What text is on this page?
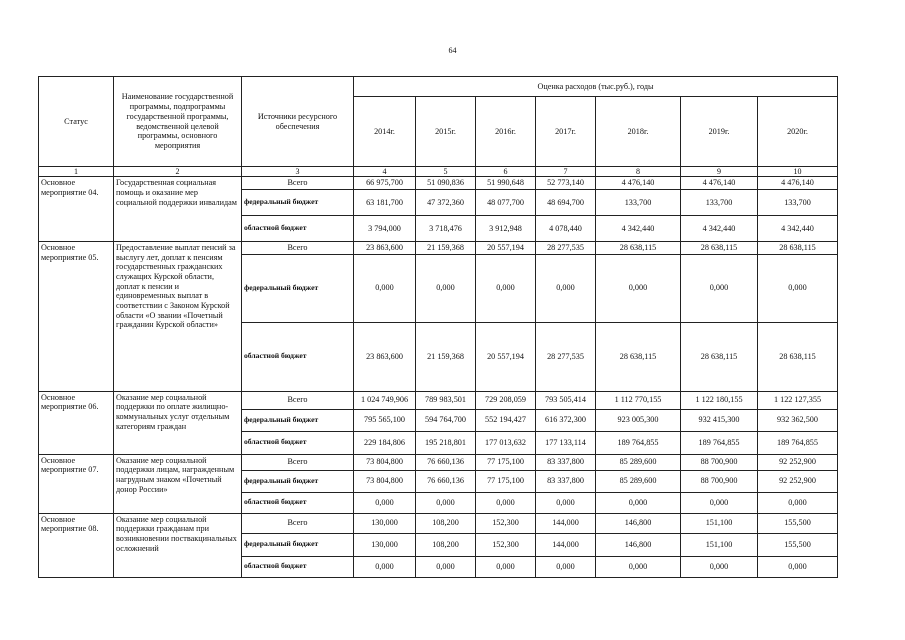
64
Статус	Наименование государственной программы, подпрограммы государственной программы, ведомственной целевой программы, основного мероприятия	Источники ресурсного обеспечения	Оценка расходов (тыс.руб.), годы						
			2014г.	2015г.	2016г.	2017г.	2018г.	2019г.	2020г.
1	2	3	4	5	6	7	8	9	10
Основное мероприятие 04.	Государственная социальная помощь и оказание мер социальной поддержки инвалидам	Всего	66 975,700	51 090,836	51 990,648	52 773,140	4 476,140	4 476,140	4 476,140
		федеральный бюджет	63 181,700	47 372,360	48 077,700	48 694,700	133,700	133,700	133,700
		областной бюджет	3 794,000	3 718,476	3 912,948	4 078,440	4 342,440	4 342,440	4 342,440
Основное мероприятие 05.	Предоставление выплат пенсий за выслугу лет, доплат к пенсиям государственных гражданских служащих Курской области, доплат к пенсии и единовременных выплат в соответствии с Законом Курской области «О звании «Почетный гражданин Курской области»	Всего	23 863,600	21 159,368	20 557,194	28 277,535	28 638,115	28 638,115	28 638,115
		федеральный бюджет	0,000	0,000	0,000	0,000	0,000	0,000	0,000
		областной бюджет	23 863,600	21 159,368	20 557,194	28 277,535	28 638,115	28 638,115	28 638,115
Основное мероприятие 06.	Оказание мер социальной поддержки по оплате жилищно-коммунальных услуг отдельным категориям граждан	Всего	1 024 749,906	789 983,501	729 208,059	793 505,414	1 112 770,155	1 122 180,155	1 122 127,355
		федеральный бюджет	795 565,100	594 764,700	552 194,427	616 372,300	923 005,300	932 415,300	932 362,500
		областной бюджет	229 184,806	195 218,801	177 013,632	177 133,114	189 764,855	189 764,855	189 764,855
Основное мероприятие 07.	Оказание мер социальной поддержки лицам, награжденным нагрудным знаком «Почетный донор России»	Всего	73 804,800	76 660,136	77 175,100	83 337,800	85 289,600	88 700,900	92 252,900
		федеральный бюджет	73 804,800	76 660,136	77 175,100	83 337,800	85 289,600	88 700,900	92 252,900
		областной бюджет	0,000	0,000	0,000	0,000	0,000	0,000	0,000
Основное мероприятие 08.	Оказание мер социальной поддержки гражданам при возникновении поствакцинальных осложнений	Всего	130,000	108,200	152,300	144,000	146,800	151,100	155,500
		федеральный бюджет	130,000	108,200	152,300	144,000	146,800	151,100	155,500
		областной бюджет	0,000	0,000	0,000	0,000	0,000	0,000	0,000
